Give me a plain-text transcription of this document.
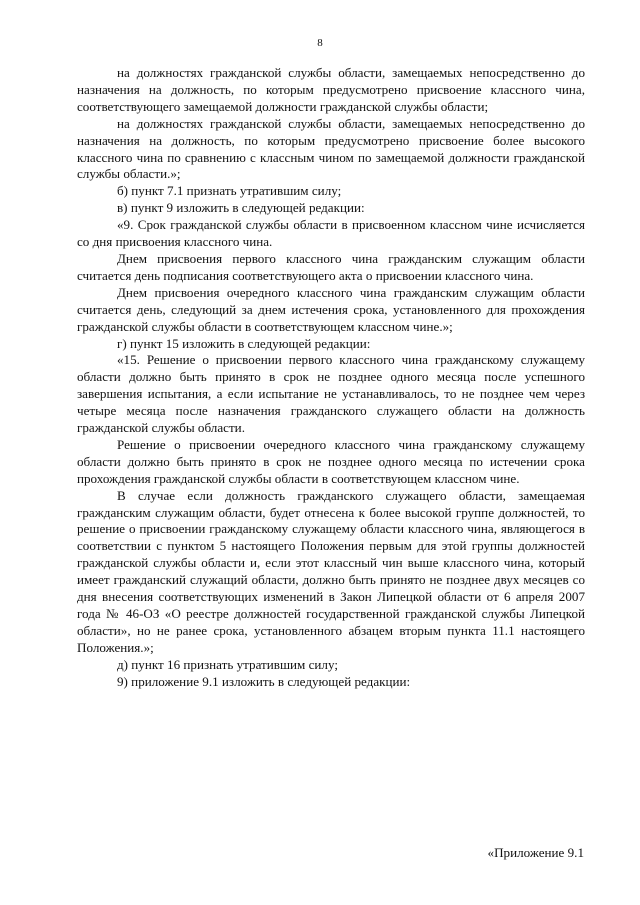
8

на должностях гражданской службы области, замещаемых непосредственно до назначения на должность, по которым предусмотрено присвоение классного чина, соответствующего замещаемой должности гражданской службы области;

на должностях гражданской службы области, замещаемых непосредственно до назначения на должность, по которым предусмотрено присвоение более высокого классного чина по сравнению с классным чином по замещаемой должности гражданской службы области.»;

б) пункт 7.1 признать утратившим силу;

в) пункт 9 изложить в следующей редакции:

«9. Срок гражданской службы области в присвоенном классном чине исчисляется со дня присвоения классного чина.

Днем присвоения первого классного чина гражданским служащим области считается день подписания соответствующего акта о присвоении классного чина.

Днем присвоения очередного классного чина гражданским служащим области считается день, следующий за днем истечения срока, установленного для прохождения гражданской службы области в соответствующем классном чине.»;

г) пункт 15 изложить в следующей редакции:

«15. Решение о присвоении первого классного чина гражданскому служащему области должно быть принято в срок не позднее одного месяца после успешного завершения испытания, а если испытание не устанавливалось, то не позднее чем через четыре месяца после назначения гражданского служащего области на должность гражданской службы области.

Решение о присвоении очередного классного чина гражданскому служащему области должно быть принято в срок не позднее одного месяца по истечении срока прохождения гражданской службы области в соответствующем классном чине.

В случае если должность гражданского служащего области, замещаемая гражданским служащим области, будет отнесена к более высокой группе должностей, то решение о присвоении гражданскому служащему области классного чина, являющегося в соответствии с пунктом 5 настоящего Положения первым для этой группы должностей гражданской службы области и, если этот классный чин выше классного чина, который имеет гражданский служащий области, должно быть принято не позднее двух месяцев со дня внесения соответствующих изменений в Закон Липецкой области от 6 апреля 2007 года № 46-ОЗ «О реестре должностей государственной гражданской службы Липецкой области», но не ранее срока, установленного абзацем вторым пункта 11.1 настоящего Положения.»;

д) пункт 16 признать утратившим силу;

9) приложение 9.1 изложить в следующей редакции:

«Приложение 9.1
